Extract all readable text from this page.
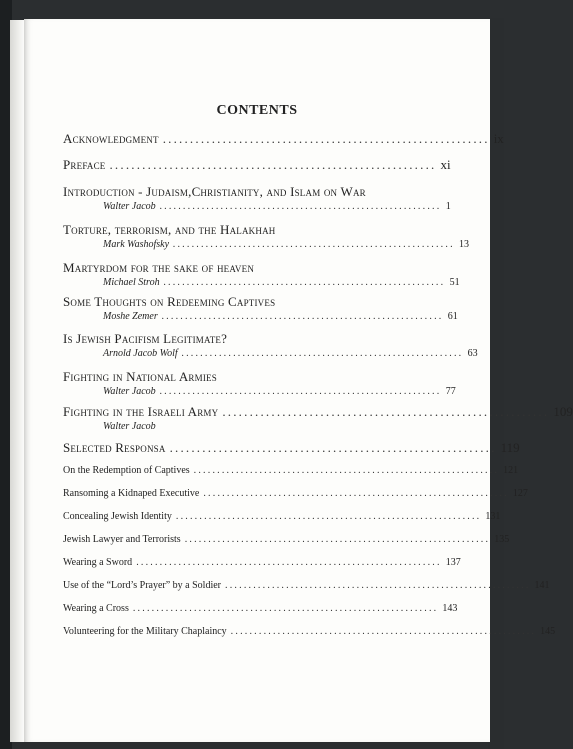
CONTENTS
Acknowledgment ............................................................ ix
Preface ............................................................ xi
Introduction - Judaism,Christianity, and Islam on War
Walter Jacob ............................................................ 1
Torture, terrorism, and the Halakhah
Mark Washofsky ............................................................ 13
Martyrdom for the sake of heaven
Michael Stroh ............................................................ 51
Some Thoughts on Redeeming Captives
Moshe Zemer ............................................................ 61
Is Jewish Pacifism Legitimate?
Arnold Jacob Wolf ............................................................ 63
Fighting in National Armies
Walter Jacob ............................................................ 77
Fighting in the Israeli Army ............................................................ 109
Walter Jacob
Selected Responsa ............................................................ 119
On the Redemption of Captives ................................................................. 121
Ransoming a Kidnaped Executive ................................................................. 127
Concealing Jewish Identity ................................................................. 131
Jewish Lawyer and Terrorists ................................................................. 135
Wearing a Sword ................................................................. 137
Use of the “Lord’s Prayer” by a Soldier ................................................................. 141
Wearing a Cross ................................................................. 143
Volunteering for the Military Chaplaincy ................................................................. 145
